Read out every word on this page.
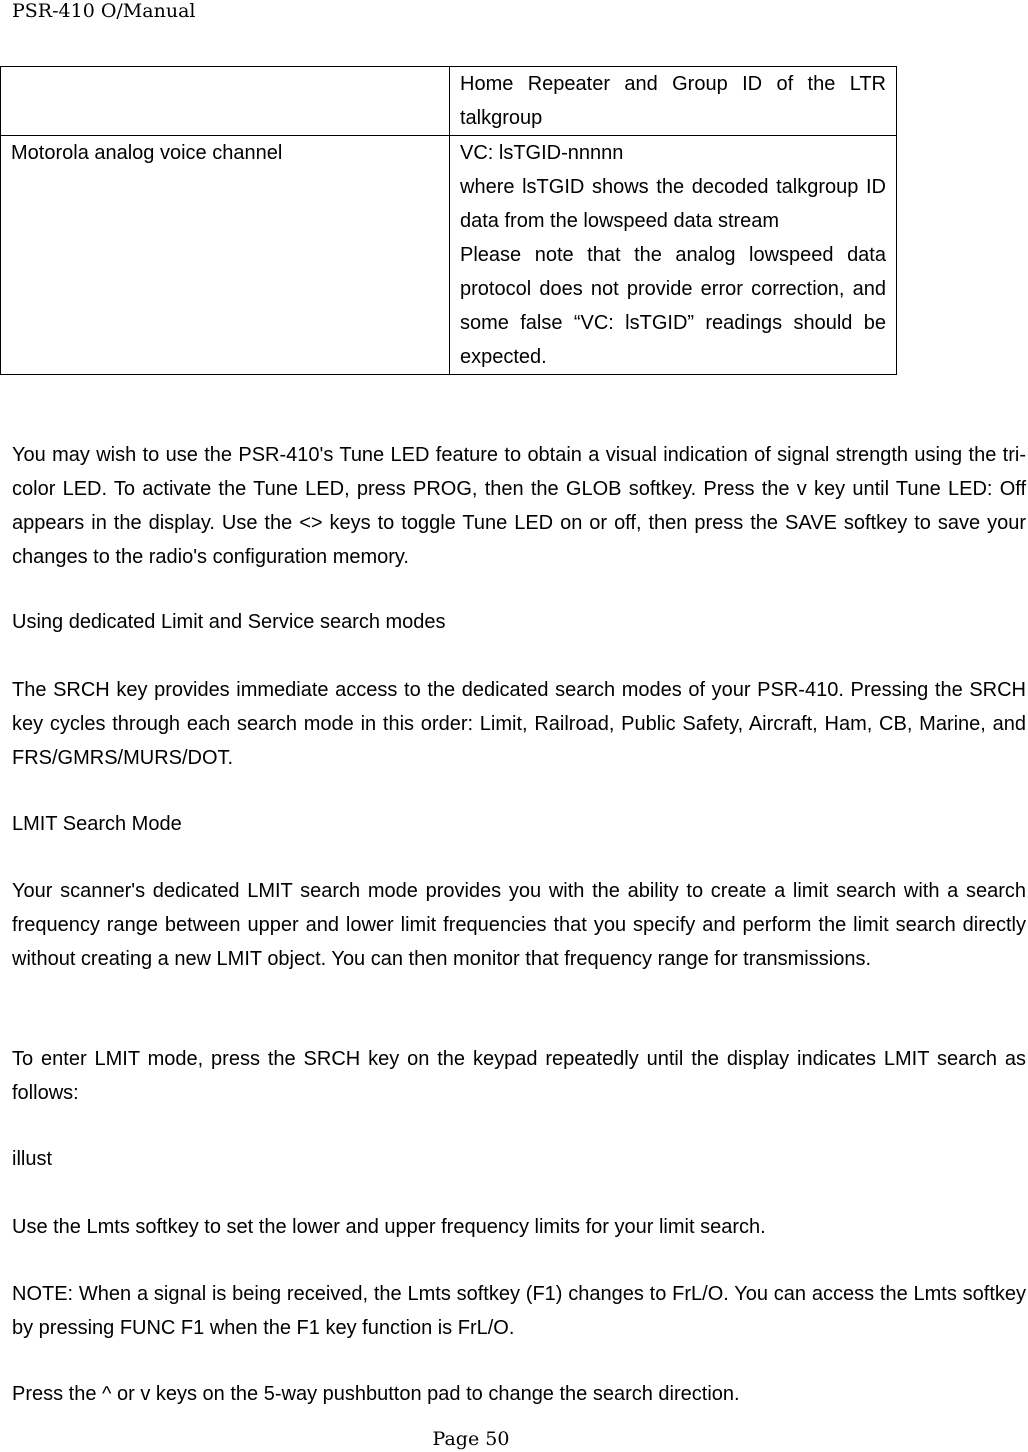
PSR-410 O/Manual
	Home Repeater and Group ID of the LTR talkgroup
Motorola analog voice channel	VC: lsTGID-nnnnn
where lsTGID shows the decoded talkgroup ID data from the lowspeed data stream
Please note that the analog lowspeed data protocol does not provide error correction, and some false “VC: lsTGID” readings should be expected.

You may wish to use the PSR-410's Tune LED feature to obtain a visual indication of signal strength using the tri-color LED. To activate the Tune LED, press PROG, then the GLOB softkey. Press the v key until Tune LED: Off appears in the display. Use the <> keys to toggle Tune LED on or off, then press the SAVE softkey to save your changes to the radio's configuration memory.

Using dedicated Limit and Service search modes

The SRCH key provides immediate access to the dedicated search modes of your PSR-410. Pressing the SRCH key cycles through each search mode in this order: Limit, Railroad, Public Safety, Aircraft, Ham, CB, Marine, and FRS/GMRS/MURS/DOT.

LMIT Search Mode

Your scanner's dedicated LMIT search mode provides you with the ability to create a limit search with a search frequency range between upper and lower limit frequencies that you specify and perform the limit search directly without creating a new LMIT object. You can then monitor that frequency range for transmissions.

To enter LMIT mode, press the SRCH key on the keypad repeatedly until the display indicates LMIT search as follows:

illust

Use the Lmts softkey to set the lower and upper frequency limits for your limit search.

NOTE: When a signal is being received, the Lmts softkey (F1) changes to FrL/O. You can access the Lmts softkey by pressing FUNC F1 when the F1 key function is FrL/O.

Press the ^ or v keys on the 5-way pushbutton pad to change the search direction.

Page 50
